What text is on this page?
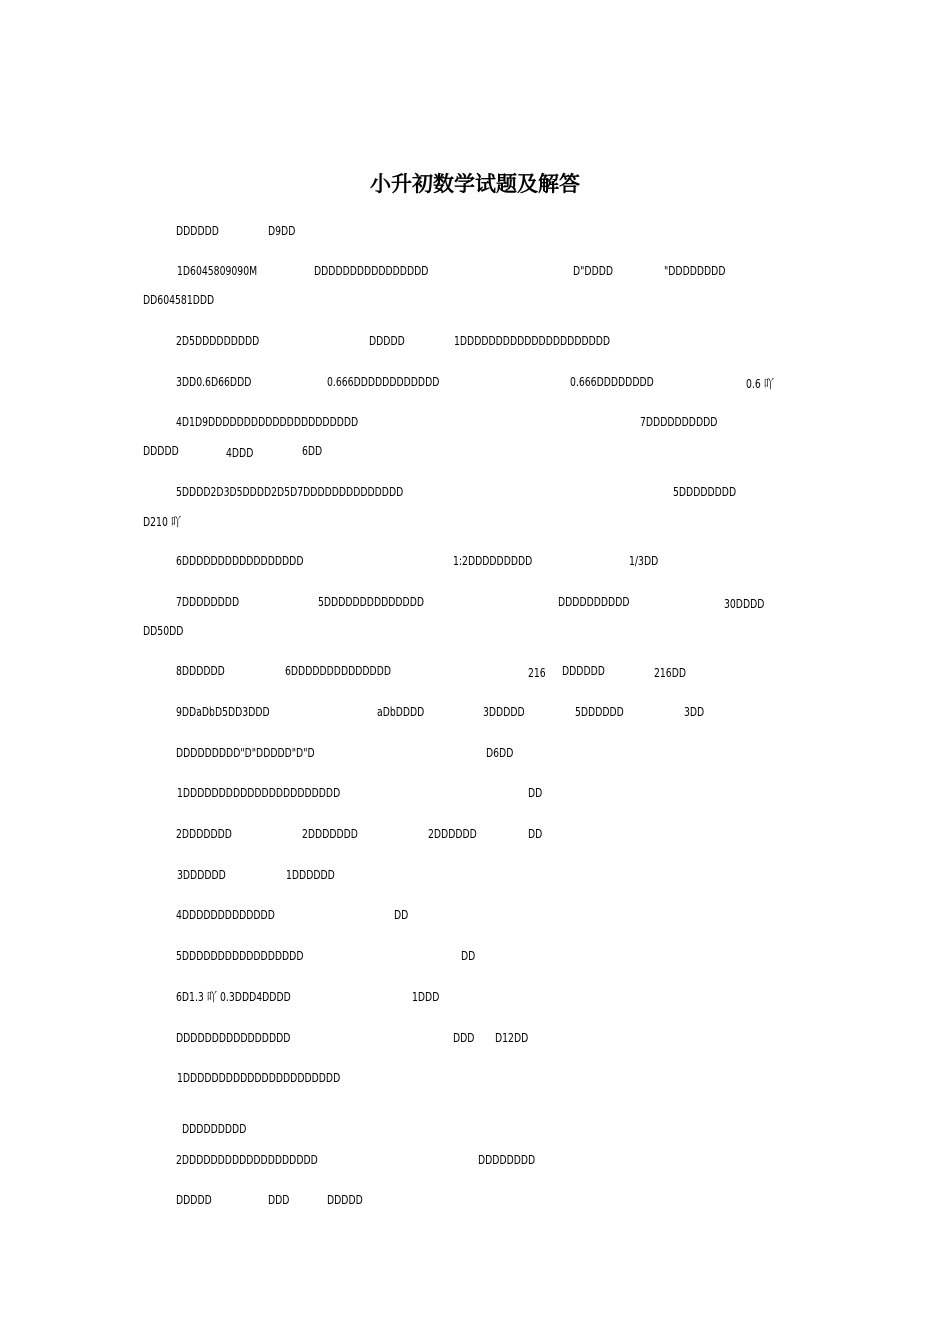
小升初数学试题及解答
DDDDDD	D9DD
1D6045809090M	DDDDDDDDDDDDDDDD	D"DDDD	"DDDDDDDD
DD604581DDD
2D5DDDDDDDDD	DDDDD	1DDDDDDDDDDDDDDDDDDDDD
3DD0.6D66DDD	0.666DDDDDDDDDDDD	0.666DDDDDDDD	0.6 吖
4D1D9DDDDDDDDDDDDDDDDDDDDD	7DDDDDDDDDD
DDDDD	4DDD	6DD
5DDDD2D3D5DDDD2D5D7DDDDDDDDDDDDDD	5DDDDDDDD
D210 吖
6DDDDDDDDDDDDDDDDD	1:2DDDDDDDDD	1/3DD
7DDDDDDDD	5DDDDDDDDDDDDDD	DDDDDDDDDD	30DDDD
DD50DD
8DDDDDD	6DDDDDDDDDDDDDD	216 DDDDDD	216DD
9DDaDbD5DD3DDD	aDbDDDD	3DDDDD	5DDDDDD	3DD
DDDDDDDDD"D"DDDDD"D"D	D6DD
1DDDDDDDDDDDDDDDDDDDDDD	DD
2DDDDDDD	2DDDDDDD	2DDDDDD	DD
3DDDDDD	1DDDDDD
4DDDDDDDDDDDDD	DD
5DDDDDDDDDDDDDDDDD	DD
6D1.3 吖 0.3DDD4DDDD	1DDD
DDDDDDDDDDDDDDDD	DDD D12DD
1DDDDDDDDDDDDDDDDDDDDDD
DDDDDDDDD
2DDDDDDDDDDDDDDDDDDD	DDDDDDDD
DDDDD	DDD	DDDDD
